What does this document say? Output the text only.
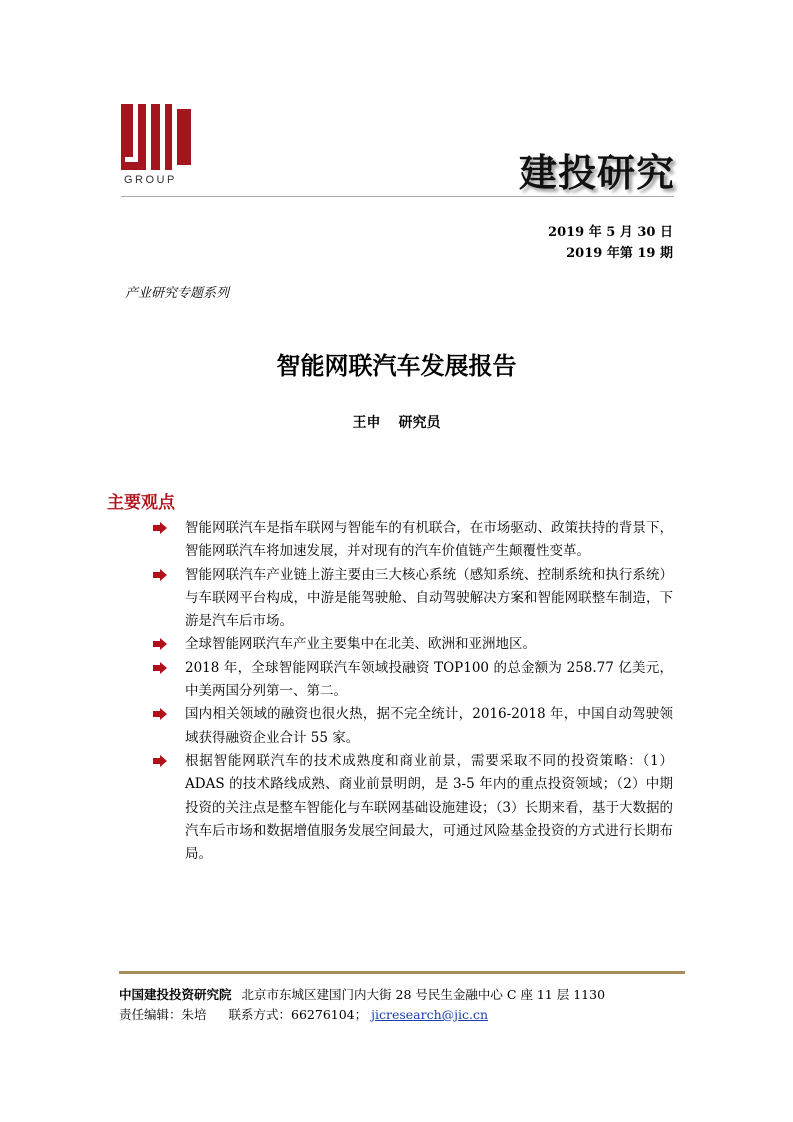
GROUP	建投研究
2019 年 5 月 30 日
2019 年第 19 期
产业研究专题系列
智能网联汽车发展报告
王申 研究员
主要观点
智能网联汽车是指车联网与智能车的有机联合，在市场驱动、政策扶持的背景下，智能网联汽车将加速发展，并对现有的汽车价值链产生颠覆性变革。
智能网联汽车产业链上游主要由三大核心系统（感知系统、控制系统和执行系统）与车联网平台构成，中游是能驾驶舱、自动驾驶解决方案和智能网联整车制造，下游是汽车后市场。
全球智能网联汽车产业主要集中在北美、欧洲和亚洲地区。
2018 年，全球智能网联汽车领域投融资 TOP100 的总金额为 258.77 亿美元，中美两国分列第一、第二。
国内相关领域的融资也很火热，据不完全统计，2016-2018 年，中国自动驾驶领域获得融资企业合计 55 家。
根据智能网联汽车的技术成熟度和商业前景，需要采取不同的投资策略：（1）ADAS 的技术路线成熟、商业前景明朗，是 3-5 年内的重点投资领域；（2）中期投资的关注点是整车智能化与车联网基础设施建设；（3）长期来看，基于大数据的汽车后市场和数据增值服务发展空间最大，可通过风险基金投资的方式进行长期布局。
中国建投投资研究院 北京市东城区建国门内大街 28 号民生金融中心 C 座 11 层 1130
责任编辑：朱培 联系方式：66276104； jicresearch@jic.cn
